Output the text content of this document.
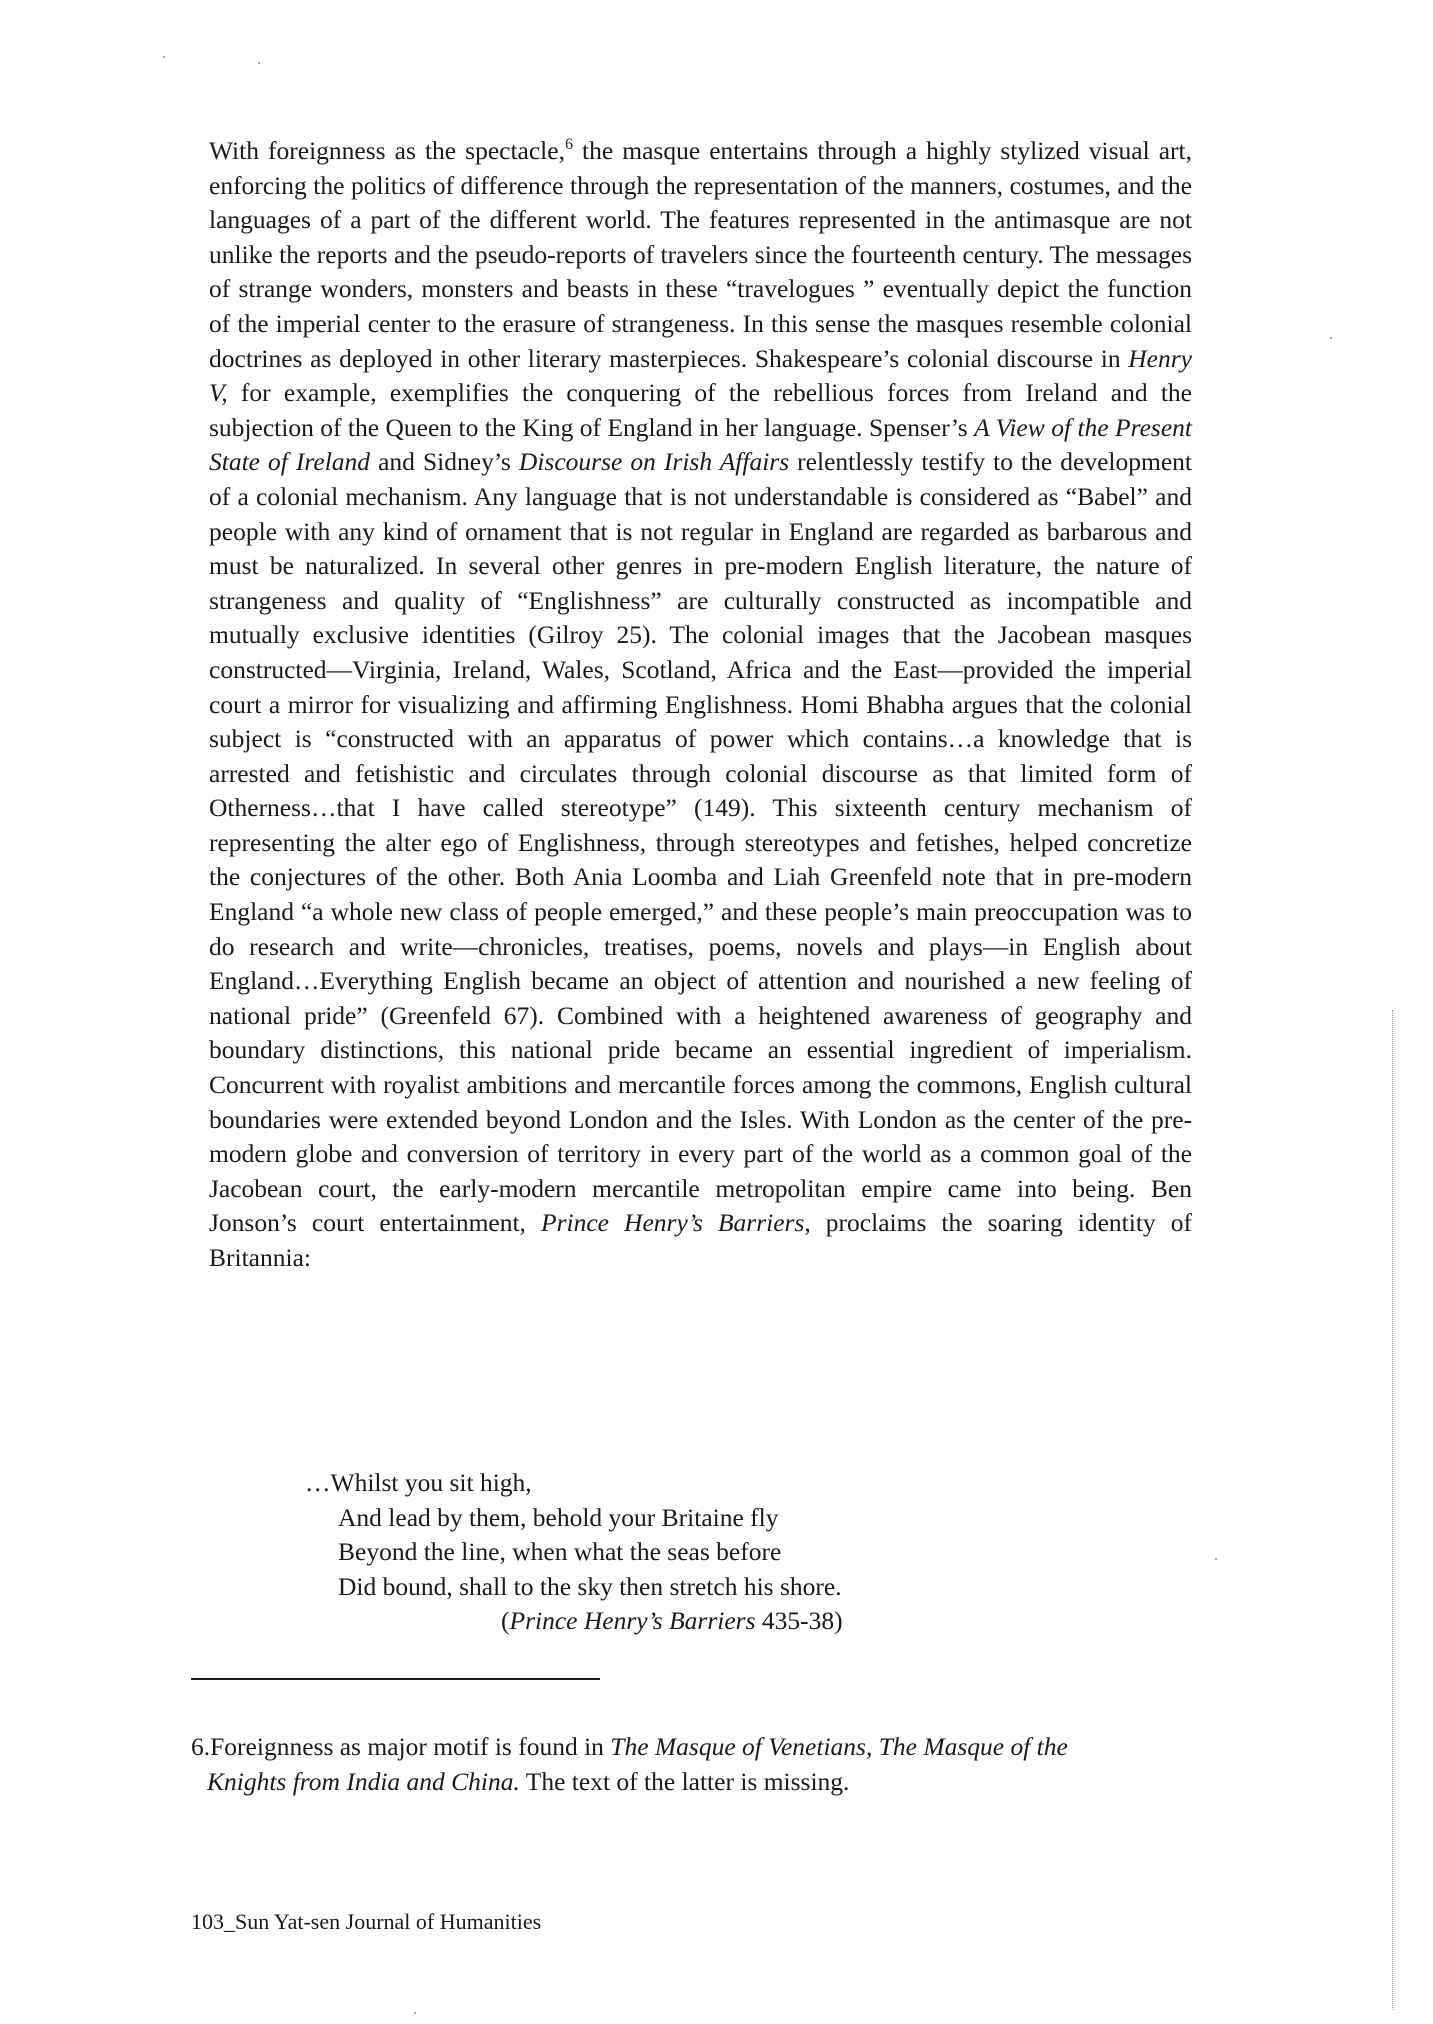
With foreignness as the spectacle,$^6$ the masque entertains through a highly stylized visual art, enforcing the politics of difference through the representation of the manners, costumes, and the languages of a part of the different world. The features represented in the antimasque are not unlike the reports and the pseudo-reports of travelers since the fourteenth century. The messages of strange wonders, monsters and beasts in these “travelogues ” eventually depict the function of the imperial center to the erasure of strangeness. In this sense the masques resemble colonial doctrines as deployed in other literary masterpieces. Shakespeare’s colonial discourse in Henry V, for example, exemplifies the conquering of the rebellious forces from Ireland and the subjection of the Queen to the King of England in her language. Spenser’s A View of the Present State of Ireland and Sidney’s Discourse on Irish Affairs relentlessly testify to the development of a colonial mechanism. Any language that is not understandable is considered as “Babel” and people with any kind of ornament that is not regular in England are regarded as barbarous and must be naturalized. In several other genres in pre-modern English literature, the nature of strangeness and quality of “Englishness” are culturally constructed as incompatible and mutually exclusive identities (Gilroy 25). The colonial images that the Jacobean masques constructed—Virginia, Ireland, Wales, Scotland, Africa and the East—provided the imperial court a mirror for visualizing and affirming Englishness. Homi Bhabha argues that the colonial subject is “constructed with an apparatus of power which contains…a knowledge that is arrested and fetishistic and circulates through colonial discourse as that limited form of Otherness…that I have called stereotype” (149). This sixteenth century mechanism of representing the alter ego of Englishness, through stereotypes and fetishes, helped concretize the conjectures of the other. Both Ania Loomba and Liah Greenfeld note that in pre-modern England “a whole new class of people emerged,” and these people’s main preoccupation was to do research and write—chronicles, treatises, poems, novels and plays—in English about England…Everything English became an object of attention and nourished a new feeling of national pride” (Greenfeld 67). Combined with a heightened awareness of geography and boundary distinctions, this national pride became an essential ingredient of imperialism. Concurrent with royalist ambitions and mercantile forces among the commons, English cultural boundaries were extended beyond London and the Isles. With London as the center of the pre-modern globe and conversion of territory in every part of the world as a common goal of the Jacobean court, the early-modern mercantile metropolitan empire came into being. Ben Jonson’s court entertainment, Prince Henry’s Barriers, proclaims the soaring identity of Britannia:

…Whilst you sit high,
And lead by them, behold your Britaine fly
Beyond the line, when what the seas before
Did bound, shall to the sky then stretch his shore.
(Prince Henry’s Barriers 435-38)

6.Foreignness as major motif is found in The Masque of Venetians, The Masque of the
Knights from India and China. The text of the latter is missing.

103_Sun Yat-sen Journal of Humanities
